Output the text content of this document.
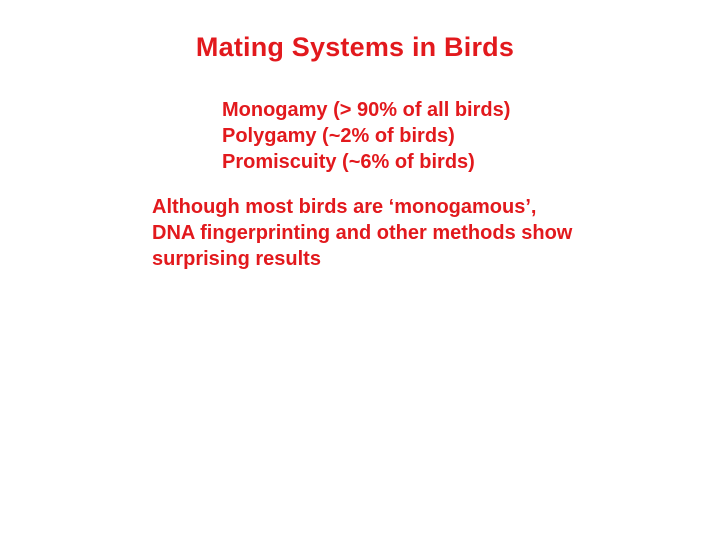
Mating Systems in Birds
Monogamy (> 90% of all birds)
Polygamy (~2% of birds)
Promiscuity (~6% of birds)
Although most birds are ‘monogamous’,
DNA fingerprinting and other methods show
surprising results
